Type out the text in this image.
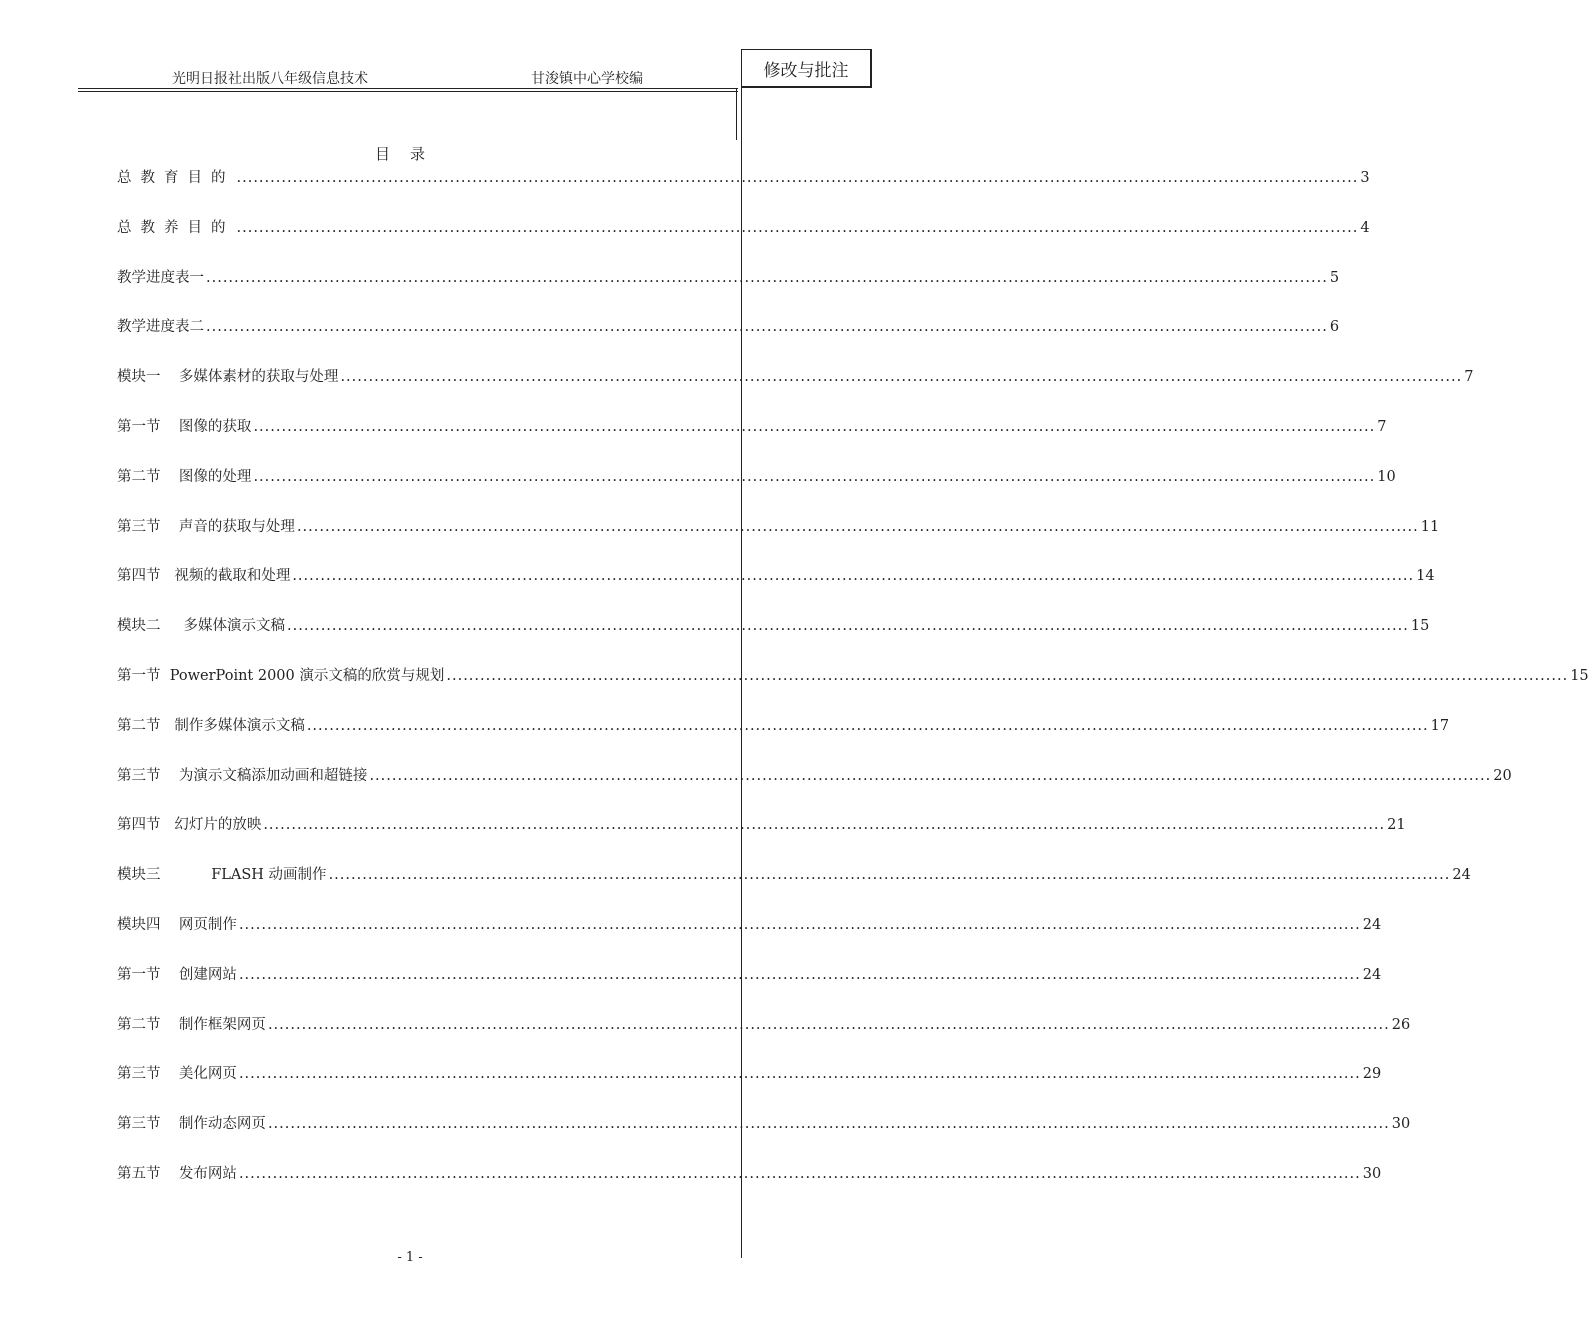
光明日报社出版八年级信息技术	甘浚镇中心学校编	修改与批注
目录
总教育目的 ........................................................................................................................................................................................................ 3
总教养目的 ........................................................................................................................................................................................................ 4
教学进度表一 ........................................................................................................................................................................................................ 5
教学进度表二 ........................................................................................................................................................................................................ 6
模块一    多媒体素材的获取与处理 ........................................................................................................................................................................................................ 7
第一节    图像的获取 ........................................................................................................................................................................................................ 7
第二节    图像的处理 ........................................................................................................................................................................................................ 10
第三节    声音的获取与处理 ........................................................................................................................................................................................................ 11
第四节   视频的截取和处理 ........................................................................................................................................................................................................ 14
模块二     多媒体演示文稿 ........................................................................................................................................................................................................ 15
第一节  PowerPoint 2000 演示文稿的欣赏与规划 ........................................................................................................................................................................................................ 15
第二节   制作多媒体演示文稿 ........................................................................................................................................................................................................ 17
第三节    为演示文稿添加动画和超链接 ........................................................................................................................................................................................................ 20
第四节   幻灯片的放映 ........................................................................................................................................................................................................ 21
模块三           FLASH 动画制作 ........................................................................................................................................................................................................ 24
模块四    网页制作 ........................................................................................................................................................................................................ 24
第一节    创建网站 ........................................................................................................................................................................................................ 24
第二节    制作框架网页 ........................................................................................................................................................................................................ 26
第三节    美化网页 ........................................................................................................................................................................................................ 29
第三节    制作动态网页 ........................................................................................................................................................................................................ 30
第五节    发布网站 ........................................................................................................................................................................................................ 30
- 1 -
